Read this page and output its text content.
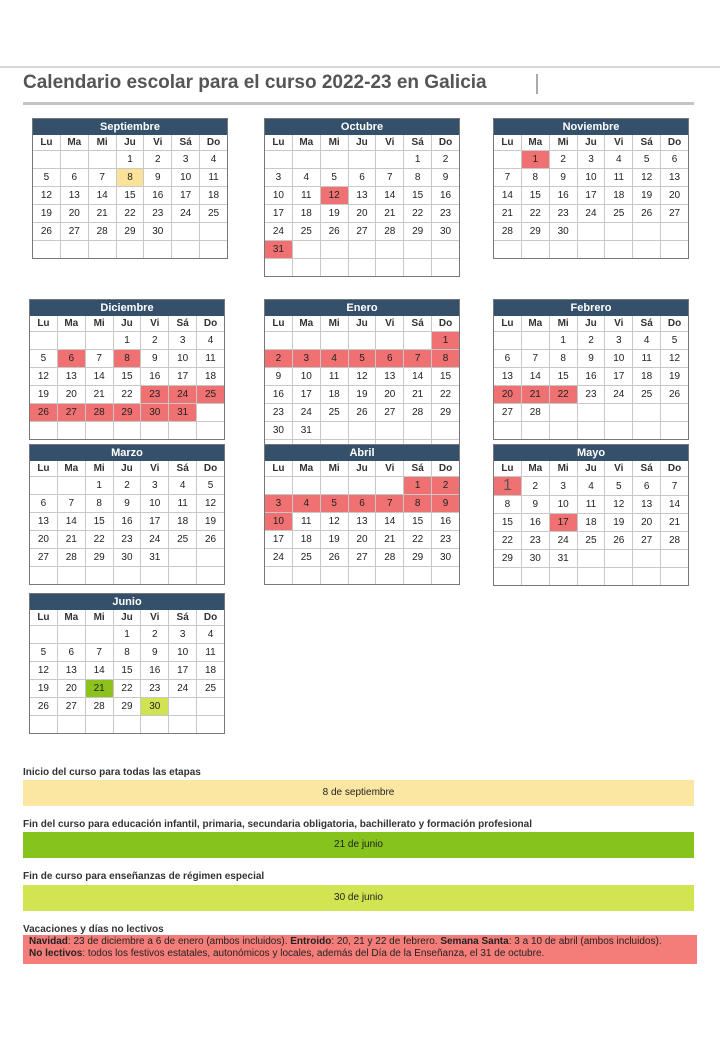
Calendario escolar para el curso 2022-23 en Galicia
Septiembre
Lu	Ma	Mi	Ju	Vi	Sá	Do
			1	2	3	4
5	6	7	8	9	10	11
12	13	14	15	16	17	18
19	20	21	22	23	24	25
26	27	28	29	30		

Octubre
Lu	Ma	Mi	Ju	Vi	Sá	Do
					1	2
3	4	5	6	7	8	9
10	11	12	13	14	15	16
17	18	19	20	21	22	23
24	25	26	27	28	29	30
31						

Noviembre
Lu	Ma	Mi	Ju	Vi	Sá	Do
	1	2	3	4	5	6
7	8	9	10	11	12	13
14	15	16	17	18	19	20
21	22	23	24	25	26	27
28	29	30				

Diciembre
Lu	Ma	Mi	Ju	Vi	Sá	Do
			1	2	3	4
5	6	7	8	9	10	11
12	13	14	15	16	17	18
19	20	21	22	23	24	25
26	27	28	29	30	31	

Enero
Lu	Ma	Mi	Ju	Vi	Sá	Do
						1
2	3	4	5	6	7	8
9	10	11	12	13	14	15
16	17	18	19	20	21	22
23	24	25	26	27	28	29
30	31					

Febrero
Lu	Ma	Mi	Ju	Vi	Sá	Do
		1	2	3	4	5
6	7	8	9	10	11	12
13	14	15	16	17	18	19
20	21	22	23	24	25	26
27	28					

Marzo
Lu	Ma	Mi	Ju	Vi	Sá	Do
		1	2	3	4	5
6	7	8	9	10	11	12
13	14	15	16	17	18	19
20	21	22	23	24	25	26
27	28	29	30	31		

Abril
Lu	Ma	Mi	Ju	Vi	Sá	Do
					1	2
3	4	5	6	7	8	9
10	11	12	13	14	15	16
17	18	19	20	21	22	23
24	25	26	27	28	29	30

Mayo
Lu	Ma	Mi	Ju	Vi	Sá	Do
1	2	3	4	5	6	7
8	9	10	11	12	13	14
15	16	17	18	19	20	21
22	23	24	25	26	27	28
29	30	31				

Junio
Lu	Ma	Mi	Ju	Vi	Sá	Do
			1	2	3	4
5	6	7	8	9	10	11
12	13	14	15	16	17	18
19	20	21	22	23	24	25
26	27	28	29	30		

Inicio del curso para todas las etapas
8 de septiembre
Fin del curso para educación infantil, primaria, secundaria obligatoria, bachillerato y formación profesional
21 de junio
Fin de curso para enseñanzas de régimen especial
30 de junio
Vacaciones y días no lectivos
Navidad: 23 de diciembre a 6 de enero (ambos incluidos). Entroido: 20, 21 y 22 de febrero. Semana Santa: 3 a 10 de abril (ambos incluidos).
No lectivos: todos los festivos estatales, autonómicos y locales, además del Día de la Enseñanza, el 31 de octubre.
